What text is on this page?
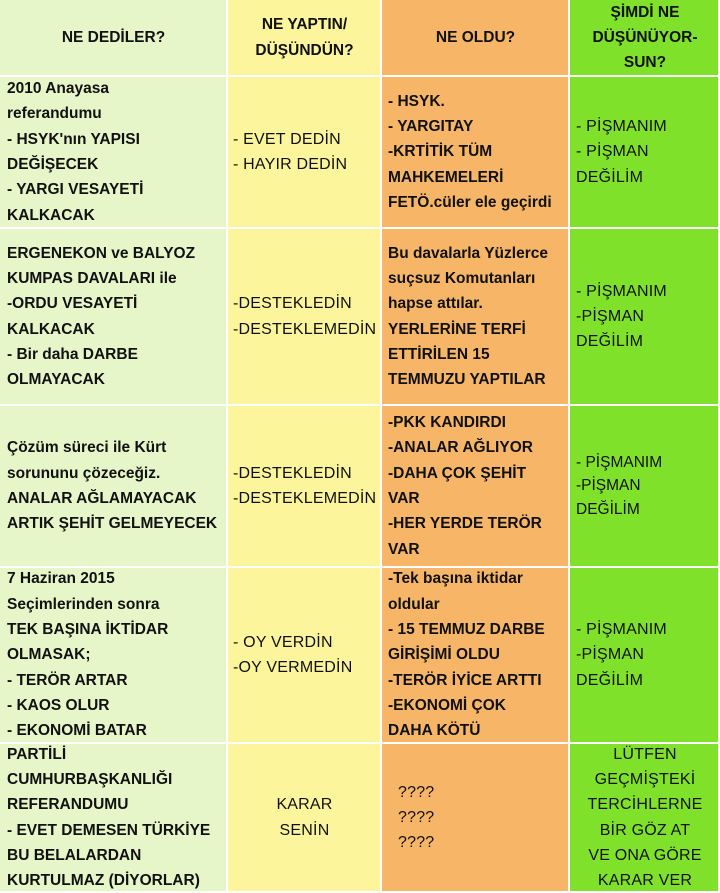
NE DEDİLER?
NE YAPTIN/
DÜŞÜNDÜN?
NE OLDU?
ŞİMDİ NE
DÜŞÜNÜYOR-
SUN?
2010 Anayasa
referandumu
- HSYK'nın YAPISI
DEĞİŞECEK
- YARGI VESAYETİ
KALKACAK
- EVET DEDİN
- HAYIR DEDİN
- HSYK.
- YARGITAY
-KRTİTİK TÜM
MAHKEMELERİ
FETÖ.cüler ele geçirdi
- PİŞMANIM
- PİŞMAN
DEĞİLİM
ERGENEKON ve BALYOZ
KUMPAS DAVALARI ile
-ORDU VESAYETİ
KALKACAK
- Bir daha DARBE
OLMAYACAK
-DESTEKLEDİN
-DESTEKLEMEDİN
Bu davalarla Yüzlerce
suçsuz Komutanları
hapse attılar.
YERLERİNE TERFİ
ETTİRİLEN 15
TEMMUZU YAPTILAR
- PİŞMANIM
-PİŞMAN
DEĞİLİM
Çözüm süreci ile Kürt
sorununu çözeceğiz.
ANALAR AĞLAMAYACAK
ARTIK ŞEHİT GELMEYECEK
-DESTEKLEDİN
-DESTEKLEMEDİN
-PKK KANDIRDI
-ANALAR AĞLIYOR
-DAHA ÇOK ŞEHİT
VAR
-HER YERDE TERÖR
VAR
- PİŞMANIM
-PİŞMAN
DEĞİLİM
7 Haziran 2015
Seçimlerinden sonra
TEK BAŞINA İKTİDAR
OLMASAK;
- TERÖR ARTAR
- KAOS OLUR
- EKONOMİ BATAR
- OY VERDİN
-OY VERMEDİN
-Tek başına iktidar
oldular
- 15 TEMMUZ DARBE
GİRİŞİMİ OLDU
-TERÖR İYİCE ARTTI
-EKONOMİ ÇOK
DAHA KÖTÜ
- PİŞMANIM
-PİŞMAN
DEĞİLİM
PARTİLİ
CUMHURBAŞKANLIĞI
REFERANDUMU
- EVET DEMESEN TÜRKİYE
BU BELALARDAN
KURTULMAZ (DİYORLAR)
KARAR
SENİN
????
????
????
LÜTFEN
GEÇMİŞTEKİ
TERCİHLERNE
BİR GÖZ AT
VE ONA GÖRE
KARAR VER
